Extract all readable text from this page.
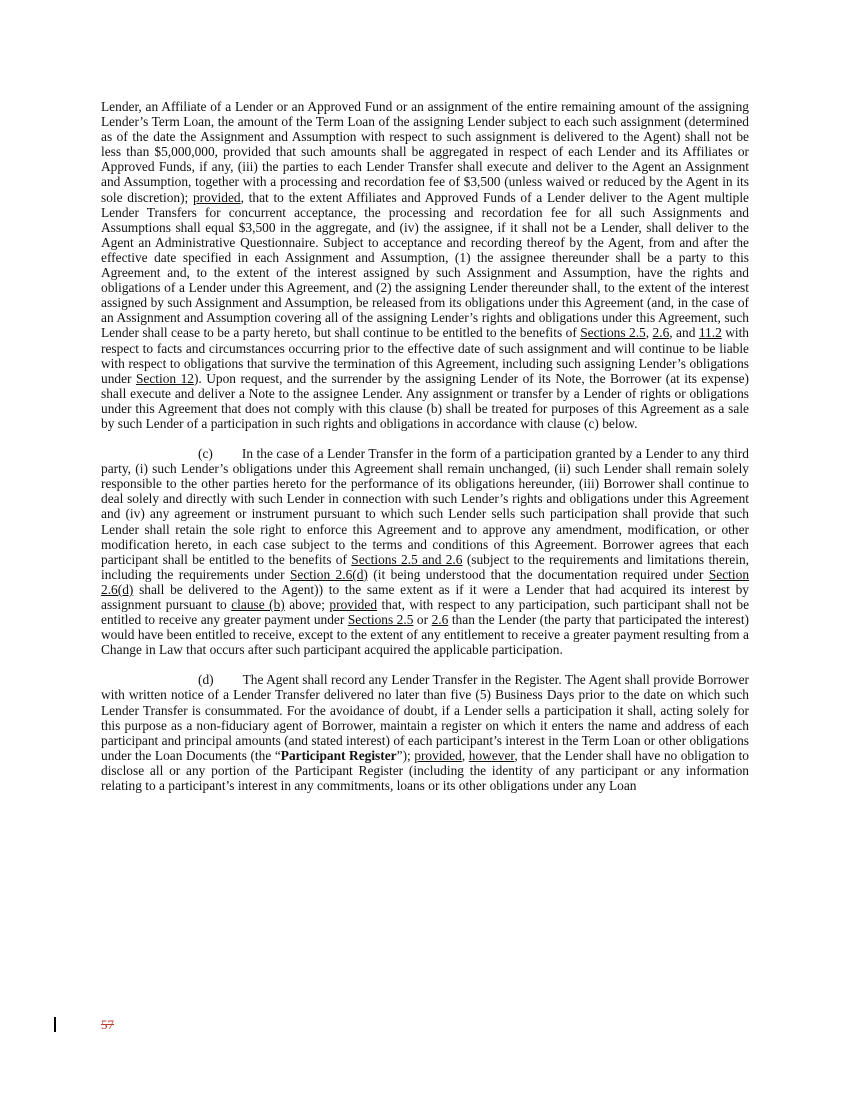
Lender, an Affiliate of a Lender or an Approved Fund or an assignment of the entire remaining amount of the assigning Lender’s Term Loan, the amount of the Term Loan of the assigning Lender subject to each such assignment (determined as of the date the Assignment and Assumption with respect to such assignment is delivered to the Agent) shall not be less than $5,000,000, provided that such amounts shall be aggregated in respect of each Lender and its Affiliates or Approved Funds, if any, (iii) the parties to each Lender Transfer shall execute and deliver to the Agent an Assignment and Assumption, together with a processing and recordation fee of $3,500 (unless waived or reduced by the Agent in its sole discretion); provided, that to the extent Affiliates and Approved Funds of a Lender deliver to the Agent multiple Lender Transfers for concurrent acceptance, the processing and recordation fee for all such Assignments and Assumptions shall equal $3,500 in the aggregate, and (iv) the assignee, if it shall not be a Lender, shall deliver to the Agent an Administrative Questionnaire. Subject to acceptance and recording thereof by the Agent, from and after the effective date specified in each Assignment and Assumption, (1) the assignee thereunder shall be a party to this Agreement and, to the extent of the interest assigned by such Assignment and Assumption, have the rights and obligations of a Lender under this Agreement, and (2) the assigning Lender thereunder shall, to the extent of the interest assigned by such Assignment and Assumption, be released from its obligations under this Agreement (and, in the case of an Assignment and Assumption covering all of the assigning Lender’s rights and obligations under this Agreement, such Lender shall cease to be a party hereto, but shall continue to be entitled to the benefits of Sections 2.5, 2.6, and 11.2 with respect to facts and circumstances occurring prior to the effective date of such assignment and will continue to be liable with respect to obligations that survive the termination of this Agreement, including such assigning Lender’s obligations under Section 12). Upon request, and the surrender by the assigning Lender of its Note, the Borrower (at its expense) shall execute and deliver a Note to the assignee Lender. Any assignment or transfer by a Lender of rights or obligations under this Agreement that does not comply with this clause (b) shall be treated for purposes of this Agreement as a sale by such Lender of a participation in such rights and obligations in accordance with clause (c) below.

(c) In the case of a Lender Transfer in the form of a participation granted by a Lender to any third party, (i) such Lender’s obligations under this Agreement shall remain unchanged, (ii) such Lender shall remain solely responsible to the other parties hereto for the performance of its obligations hereunder, (iii) Borrower shall continue to deal solely and directly with such Lender in connection with such Lender’s rights and obligations under this Agreement and (iv) any agreement or instrument pursuant to which such Lender sells such participation shall provide that such Lender shall retain the sole right to enforce this Agreement and to approve any amendment, modification, or other modification hereto, in each case subject to the terms and conditions of this Agreement. Borrower agrees that each participant shall be entitled to the benefits of Sections 2.5 and 2.6 (subject to the requirements and limitations therein, including the requirements under Section 2.6(d) (it being understood that the documentation required under Section 2.6(d) shall be delivered to the Agent)) to the same extent as if it were a Lender that had acquired its interest by assignment pursuant to clause (b) above; provided that, with respect to any participation, such participant shall not be entitled to receive any greater payment under Sections 2.5 or 2.6 than the Lender (the party that participated the interest) would have been entitled to receive, except to the extent of any entitlement to receive a greater payment resulting from a Change in Law that occurs after such participant acquired the applicable participation.

(d) The Agent shall record any Lender Transfer in the Register. The Agent shall provide Borrower with written notice of a Lender Transfer delivered no later than five (5) Business Days prior to the date on which such Lender Transfer is consummated. For the avoidance of doubt, if a Lender sells a participation it shall, acting solely for this purpose as a non-fiduciary agent of Borrower, maintain a register on which it enters the name and address of each participant and principal amounts (and stated interest) of each participant’s interest in the Term Loan or other obligations under the Loan Documents (the “Participant Register”); provided, however, that the Lender shall have no obligation to disclose all or any portion of the Participant Register (including the identity of any participant or any information relating to a participant’s interest in any commitments, loans or its other obligations under any Loan

57
